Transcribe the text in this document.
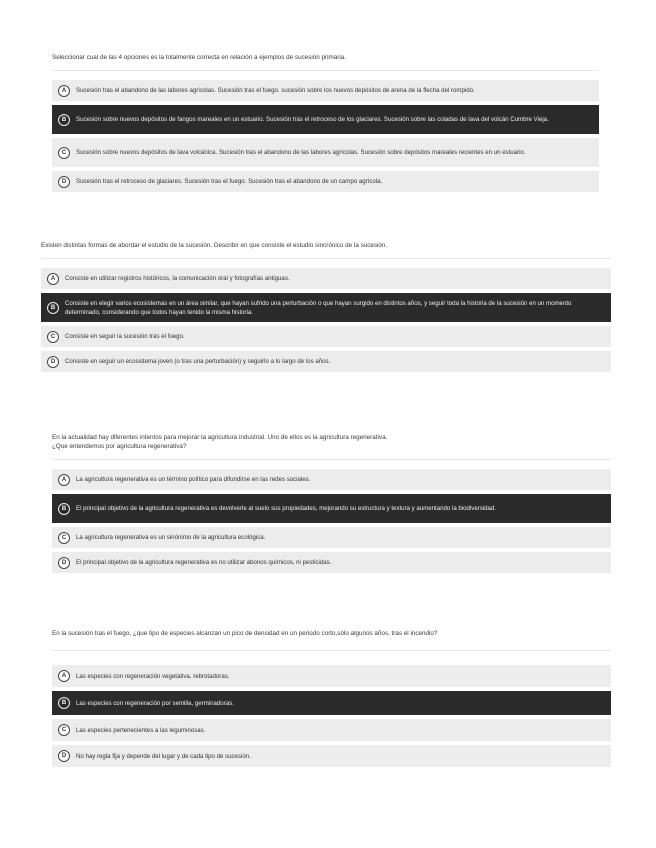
Seleccionar cual de las 4 opciones es la totalmente correcta en relación a ejemplos de sucesión primaria.
A	Sucesión tras el abandono de las labores agrícolas. Sucesión tras el fuego. sucesión sobre los nuevos depósitos de arena de la flecha del rompido.
B	Sucesión sobre nuevos depósitos de fangos mareales en un estuario. Sucesión tras el retroceso de los glaciares. Sucesión sobre las coladas de lava del volcán Cumbre Vieja.
C	Sucesión sobre nuevos depósitos de lava volcánica. Sucesión tras el abandono de las labores agrícolas. Sucesión sobre depósitos mareales recientes en un estuario.
D	Sucesión tras el retroceso de glaciares. Sucesión tras el fuego. Sucesión tras el abandono de un campo agrícola.
Existen distintas formas de abordar el estudio de la sucesión. Describir en que consiste el estudio sincrónico de la sucesión.
A	Consiste en utilizar registros históricos, la comunicación oral y fotografías antiguas.
B
Consiste en elegir varios ecosistemas en un área similar, que hayan sufrido una perturbación o que hayan surgido en distintos años, y seguir toda la historia de la sucesión en un momento determinado, considerando que todos hayan tenido la misma historia.
C	Consiste en seguir la sucesión tras el fuego.
D	Consiste en seguir un ecosistema joven (o tras una perturbación) y seguirlo a lo largo de los años.
En la actualidad hay diferentes intentos para mejorar la agricultura industrial. Uno de ellos es la agricultura regenerativa.
¿Que entendemos por agricultura regenerativa?
A	La agricultura regenerativa es un término político para difundirse en las redes sociales.
B	El principal objetivo de la agricultura regenerativa es devolverle al suelo sus propiedades, mejorando su estructura y textura y aumentando la biodiversidad.
C	La agricultura regenerativa es un sinónimo de la agricultura ecológica.
D	El principal objetivo de la agricultura regenerativa es no utilizar abonos químicos, ni pesticidas.
En la sucesión tras el fuego, ¿que tipo de especies alcanzan un pico de densidad en un periodo corto,sólo algunos años, tras el incendio?
A	Las especies con regeneración vegetativa, rebrotadoras.
B	Las especies con regeneración por semilla, germinadoras.
C	Las especies pertenecientes a las leguminosas.
D	No hay regla fija y depende del lugar y de cada tipo de sucesión.
